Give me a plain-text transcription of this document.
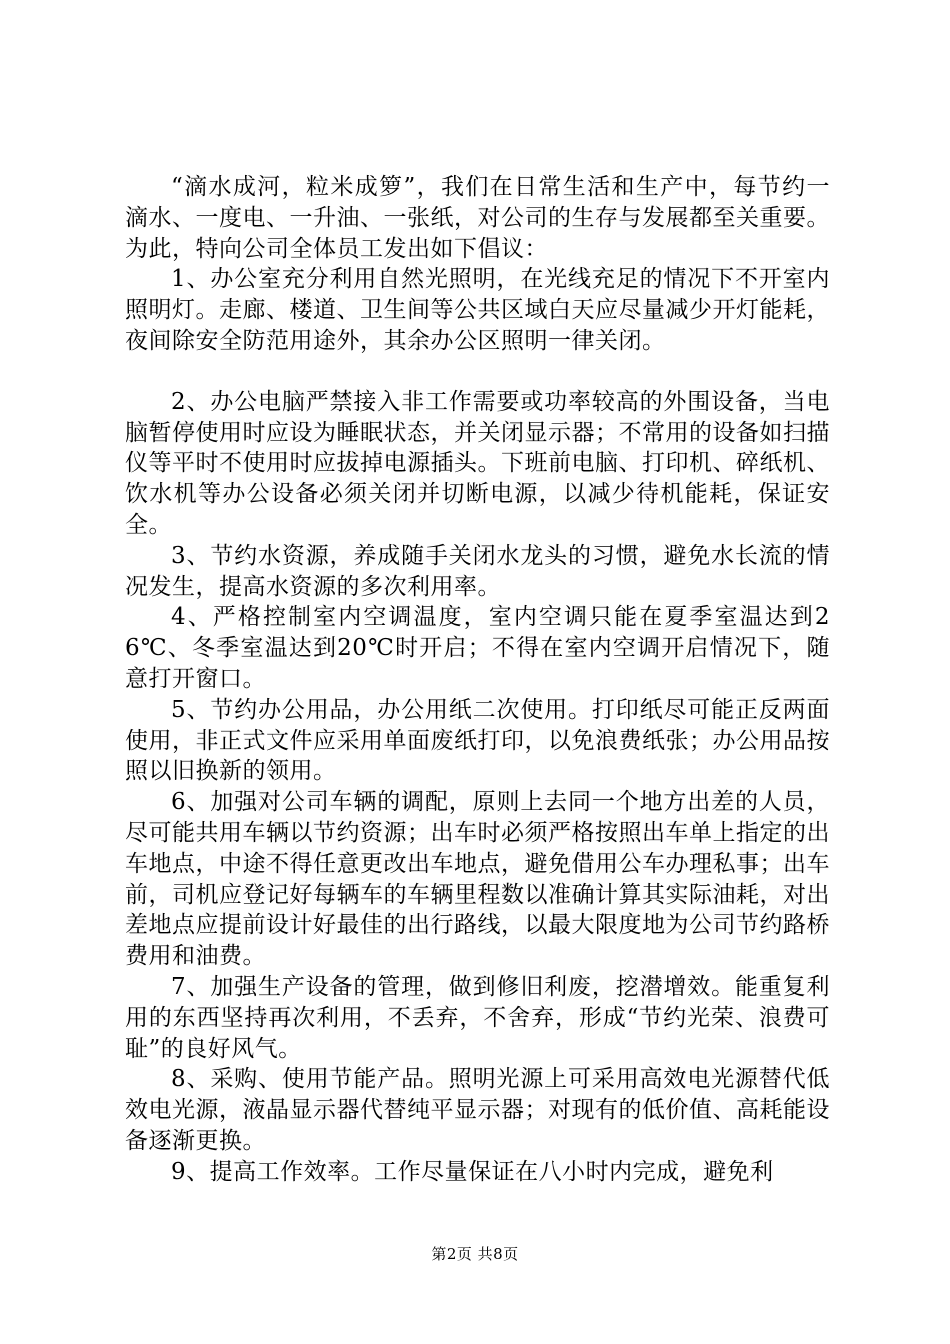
“滴水成河，粒米成箩”，我们在日常生活和生产中，每节约一滴水、一度电、一升油、一张纸，对公司的生存与发展都至关重要。为此，特向公司全体员工发出如下倡议：

1、办公室充分利用自然光照明，在光线充足的情况下不开室内照明灯。走廊、楼道、卫生间等公共区域白天应尽量减少开灯能耗，夜间除安全防范用途外，其余办公区照明一律关闭。

2、办公电脑严禁接入非工作需要或功率较高的外围设备，当电脑暂停使用时应设为睡眠状态，并关闭显示器；不常用的设备如扫描仪等平时不使用时应拔掉电源插头。下班前电脑、打印机、碎纸机、饮水机等办公设备必须关闭并切断电源，以减少待机能耗，保证安全。

3、节约水资源，养成随手关闭水龙头的习惯，避免水长流的情况发生，提高水资源的多次利用率。

4、严格控制室内空调温度，室内空调只能在夏季室温达到26℃、冬季室温达到20℃时开启；不得在室内空调开启情况下，随意打开窗口。

5、节约办公用品，办公用纸二次使用。打印纸尽可能正反两面使用，非正式文件应采用单面废纸打印，以免浪费纸张；办公用品按照以旧换新的领用。

6、加强对公司车辆的调配，原则上去同一个地方出差的人员，尽可能共用车辆以节约资源；出车时必须严格按照出车单上指定的出车地点，中途不得任意更改出车地点，避免借用公车办理私事；出车前，司机应登记好每辆车的车辆里程数以准确计算其实际油耗，对出差地点应提前设计好最佳的出行路线，以最大限度地为公司节约路桥费用和油费。

7、加强生产设备的管理，做到修旧利废，挖潜增效。能重复利用的东西坚持再次利用，不丢弃，不舍弃，形成“节约光荣、浪费可耻”的良好风气。

8、采购、使用节能产品。照明光源上可采用高效电光源替代低效电光源，液晶显示器代替纯平显示器；对现有的低价值、高耗能设备逐渐更换。

9、提高工作效率。工作尽量保证在八小时内完成，避免利

第2页 共8页
